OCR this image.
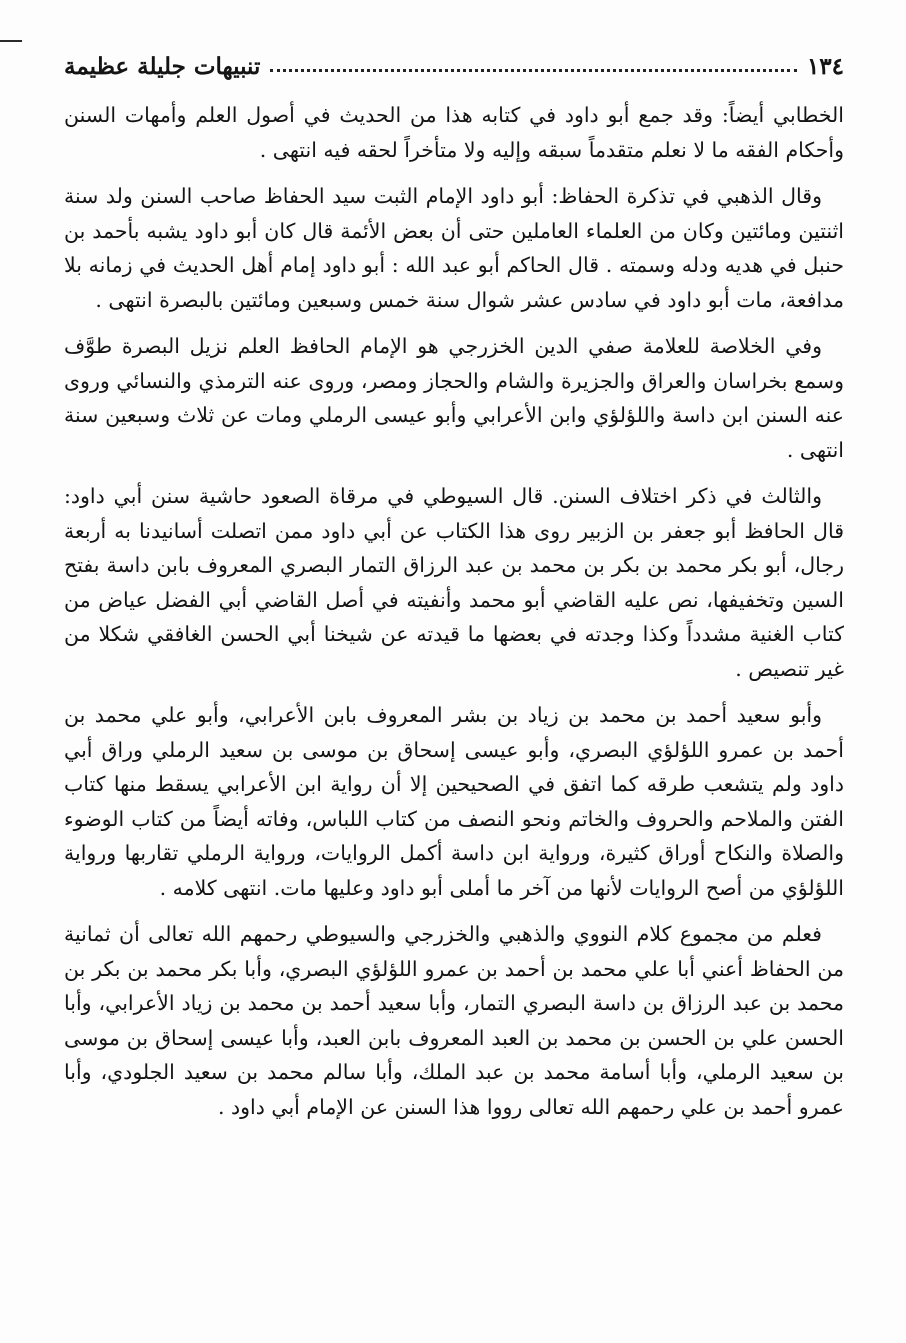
١٣٤
تنبيهات جليلة عظيمة

الخطابي أيضاً: وقد جمع أبو داود في كتابه هذا من الحديث في أصول العلم وأمهات السنن وأحكام الفقه ما لا نعلم متقدماً سبقه وإليه ولا متأخراً لحقه فيه انتهى .

وقال الذهبي في تذكرة الحفاظ: أبو داود الإمام الثبت سيد الحفاظ صاحب السنن ولد سنة اثنتين ومائتين وكان من العلماء العاملين حتى أن بعض الأئمة قال كان أبو داود يشبه بأحمد بن حنبل في هديه ودله وسمته . قال الحاكم أبو عبد الله : أبو داود إمام أهل الحديث في زمانه بلا مدافعة، مات أبو داود في سادس عشر شوال سنة خمس وسبعين ومائتين بالبصرة انتهى .

وفي الخلاصة للعلامة صفي الدين الخزرجي هو الإمام الحافظ العلم نزيل البصرة طوَّف وسمع بخراسان والعراق والجزيرة والشام والحجاز ومصر، وروى عنه الترمذي والنسائي وروى عنه السنن ابن داسة واللؤلؤي وابن الأعرابي وأبو عيسى الرملي ومات عن ثلاث وسبعين سنة انتهى .

والثالث في ذكر اختلاف السنن. قال السيوطي في مرقاة الصعود حاشية سنن أبي داود: قال الحافظ أبو جعفر بن الزبير روى هذا الكتاب عن أبي داود ممن اتصلت أسانيدنا به أربعة رجال، أبو بكر محمد بن بكر بن محمد بن عبد الرزاق التمار البصري المعروف بابن داسة بفتح السين وتخفيفها، نص عليه القاضي أبو محمد وأنفيته في أصل القاضي أبي الفضل عياض من كتاب الغنية مشدداً وكذا وجدته في بعضها ما قيدته عن شيخنا أبي الحسن الغافقي شكلا من غير تنصيص .

وأبو سعيد أحمد بن محمد بن زياد بن بشر المعروف بابن الأعرابي، وأبو علي محمد بن أحمد بن عمرو اللؤلؤي البصري، وأبو عيسى إسحاق بن موسى بن سعيد الرملي وراق أبي داود ولم يتشعب طرقه كما اتفق في الصحيحين إلا أن رواية ابن الأعرابي يسقط منها كتاب الفتن والملاحم والحروف والخاتم ونحو النصف من كتاب اللباس، وفاته أيضاً من كتاب الوضوء والصلاة والنكاح أوراق كثيرة، ورواية ابن داسة أكمل الروايات، ورواية الرملي تقاربها ورواية اللؤلؤي من أصح الروايات لأنها من آخر ما أملى أبو داود وعليها مات. انتهى كلامه .

فعلم من مجموع كلام النووي والذهبي والخزرجي والسيوطي رحمهم الله تعالى أن ثمانية من الحفاظ أعني أبا علي محمد بن أحمد بن عمرو اللؤلؤي البصري، وأبا بكر محمد بن بكر بن محمد بن عبد الرزاق بن داسة البصري التمار، وأبا سعيد أحمد بن محمد بن زياد الأعرابي، وأبا الحسن علي بن الحسن بن محمد بن العبد المعروف بابن العبد، وأبا عيسى إسحاق بن موسى بن سعيد الرملي، وأبا أسامة محمد بن عبد الملك، وأبا سالم محمد بن سعيد الجلودي، وأبا عمرو أحمد بن علي رحمهم الله تعالى رووا هذا السنن عن الإمام أبي داود .
